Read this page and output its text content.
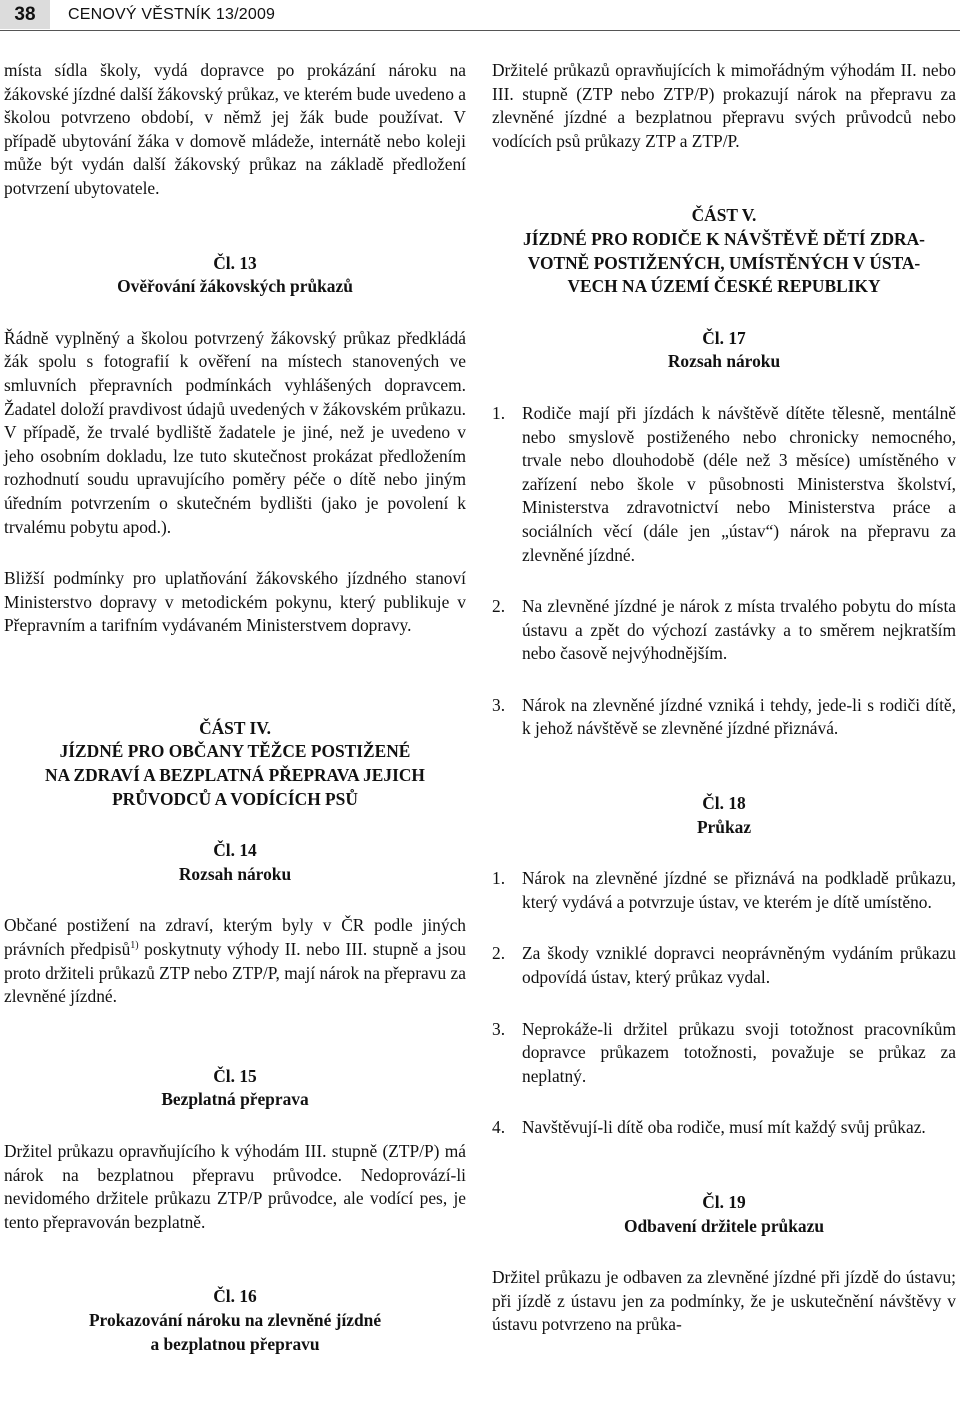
38	CENOVÝ VĚSTNÍK 13/2009

místa sídla školy, vydá dopravce po prokázání nároku na žákovské jízdné další žákovský průkaz, ve kterém bude uvedeno a školou potvrzeno období, v němž jej žák bude používat. V případě ubytování žáka v domově mládeže, internátě nebo koleji může být vydán další žákovský průkaz na základě předložení potvrzení ubytovatele.

Čl. 13
Ověřování žákovských průkazů

Řádně vyplněný a školou potvrzený žákovský průkaz předkládá žák spolu s fotografií k ověření na místech stanovených ve smluvních přepravních podmínkách vyhlášených dopravcem. Žadatel doloží pravdivost údajů uvedených v žákovském průkazu. V případě, že trvalé bydliště žadatele je jiné, než je uvedeno v jeho osobním dokladu, lze tuto skutečnost prokázat předložením rozhodnutí soudu upravujícího poměry péče o dítě nebo jiným úředním potvrzením o skutečném bydlišti (jako je povolení k trvalému pobytu apod.).

Bližší podmínky pro uplatňování žákovského jízdného stanoví Ministerstvo dopravy v metodickém pokynu, který publikuje v Přepravním a tarifním vydávaném Ministerstvem dopravy.

ČÁST IV.
JÍZDNÉ PRO OBČANY TĚŽCE POSTIŽENÉ
NA ZDRAVÍ A BEZPLATNÁ PŘEPRAVA JEJICH
PRŮVODCŮ A VODÍCÍCH PSŮ
Čl. 14
Rozsah nároku

Občané postižení na zdraví, kterým byly v ČR podle jiných právních předpisů$^{1)}$ poskytnuty výhody II. nebo III. stupně a jsou proto držiteli průkazů ZTP nebo ZTP/P, mají nárok na přepravu za zlevněné jízdné.

Čl. 15
Bezplatná přeprava

Držitel průkazu opravňujícího k výhodám III. stupně (ZTP/P) má nárok na bezplatnou přepravu průvodce. Nedoprovází-li nevidomého držitele průkazu ZTP/P průvodce, ale vodící pes, je tento přepravován bezplatně.

Čl. 16
Prokazování nároku na zlevněné jízdné
a bezplatnou přepravu

Držitelé průkazů opravňujících k mimořádným výhodám II. nebo III. stupně (ZTP nebo ZTP/P) prokazují nárok na přepravu za zlevněné jízdné a bezplatnou přepravu svých průvodců nebo vodících psů průkazy ZTP a ZTP/P.

ČÁST V.
JÍZDNÉ PRO RODIČE K NÁVŠTĚVĚ DĚTÍ ZDRA-
VOTNĚ POSTIŽENÝCH, UMÍSTĚNÝCH V ÚSTA-
VECH NA ÚZEMÍ ČESKÉ REPUBLIKY
Čl. 17
Rozsah nároku
1. Rodiče mají při jízdách k návštěvě dítěte tělesně, mentálně nebo smyslově postiženého nebo chronicky nemocného, trvale nebo dlouhodobě (déle než 3 měsíce) umístěného v zařízení nebo škole v působnosti Ministerstva školství, Ministerstva zdravotnictví nebo Ministerstva práce a sociálních věcí (dále jen „ústav“) nárok na přepravu za zlevněné jízdné.
2. Na zlevněné jízdné je nárok z místa trvalého pobytu do místa ústavu a zpět do výchozí zastávky a to směrem nejkratším nebo časově nejvýhodnějším.
3. Nárok na zlevněné jízdné vzniká i tehdy, jede-li s rodiči dítě, k jehož návštěvě se zlevněné jízdné přiznává.
Čl. 18
Průkaz
1. Nárok na zlevněné jízdné se přiznává na podkladě průkazu, který vydává a potvrzuje ústav, ve kterém je dítě umístěno.
2. Za škody vzniklé dopravci neoprávněným vydáním průkazu odpovídá ústav, který průkaz vydal.
3. Neprokáže-li držitel průkazu svoji totožnost pracovníkům dopravce průkazem totožnosti, považuje se průkaz za neplatný.
4. Navštěvují-li dítě oba rodiče, musí mít každý svůj průkaz.
Čl. 19
Odbavení držitele průkazu

Držitel průkazu je odbaven za zlevněné jízdné při jízdě do ústavu; při jízdě z ústavu jen za podmínky, že je uskutečnění návštěvy v ústavu potvrzeno na průka-
